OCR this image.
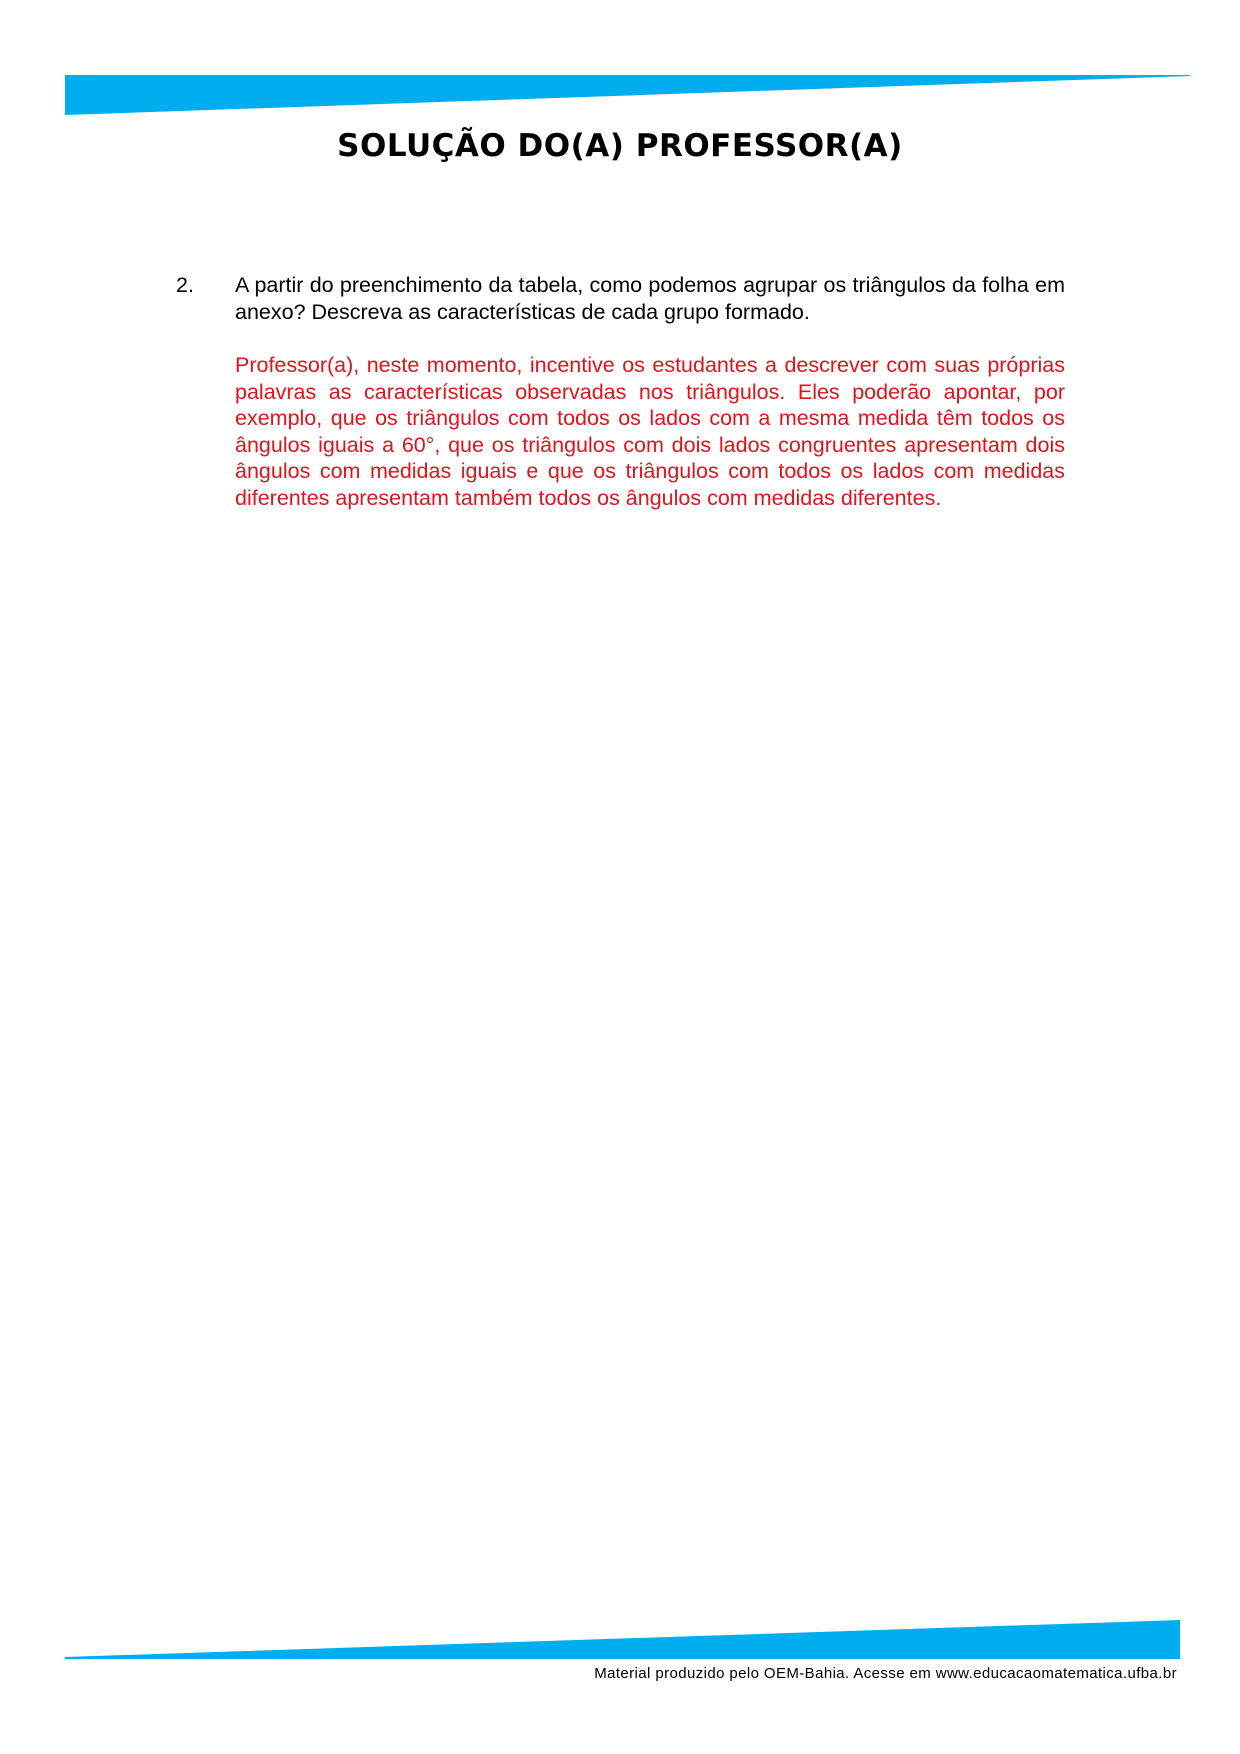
SOLUÇÃO DO(A) PROFESSOR(A)
2.	A partir do preenchimento da tabela, como podemos agrupar os triângulos da folha em anexo? Descreva as características de cada grupo formado.
Professor(a), neste momento, incentive os estudantes a descrever com suas próprias palavras as características observadas nos triângulos. Eles poderão apontar, por exemplo, que os triângulos com todos os lados com a mesma medida têm todos os ângulos iguais a 60°, que os triângulos com dois lados congruentes apresentam dois ângulos com medidas iguais e que os triângulos com todos os lados com medidas diferentes apresentam também todos os ângulos com medidas diferentes.
Material produzido pelo OEM-Bahia. Acesse em www.educacaomatematica.ufba.br
